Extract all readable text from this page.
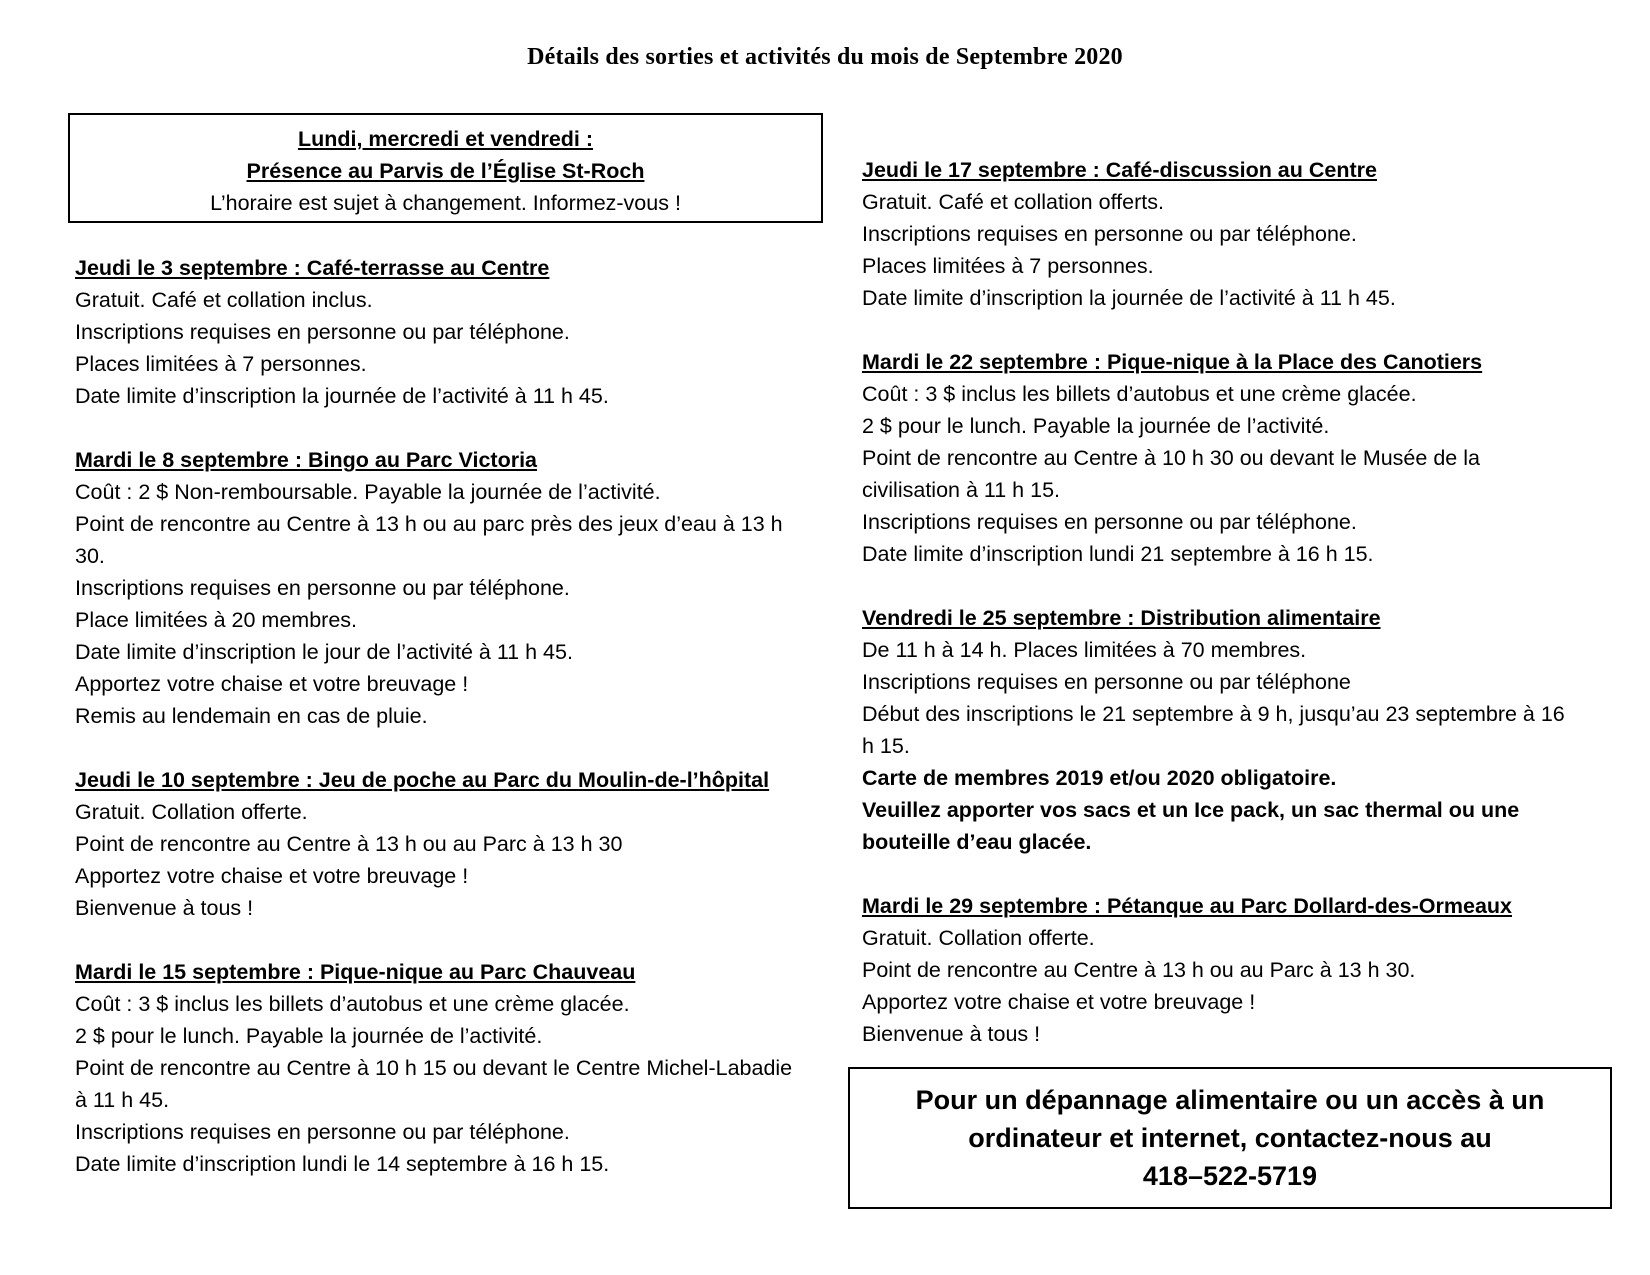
Détails des sorties et activités du mois de Septembre 2020
Lundi, mercredi et vendredi :
Présence au Parvis de l’Église St-Roch
L’horaire est sujet à changement. Informez-vous !
Jeudi le 3 septembre : Café-terrasse au Centre
Gratuit. Café et collation inclus.
Inscriptions requises en personne ou par téléphone.
Places limitées à 7 personnes.
Date limite d’inscription la journée de l’activité à 11 h 45.
Mardi le 8 septembre : Bingo au Parc Victoria
Coût : 2 $ Non-remboursable. Payable la journée de l’activité.
Point de rencontre au Centre à 13 h ou au parc près des jeux d’eau à 13 h 30.
Inscriptions requises en personne ou par téléphone.
Place limitées à 20 membres.
Date limite d’inscription le jour de l’activité à 11 h 45.
Apportez votre chaise et votre breuvage !
Remis au lendemain en cas de pluie.
Jeudi le 10 septembre : Jeu de poche au Parc du Moulin-de-l’hôpital
Gratuit. Collation offerte.
Point de rencontre au Centre à 13 h ou au Parc à 13 h 30
Apportez votre chaise et votre breuvage !
Bienvenue à tous !
Mardi le 15 septembre : Pique-nique au Parc Chauveau
Coût : 3 $ inclus les billets d’autobus et une crème glacée.
2 $ pour le lunch. Payable la journée de l’activité.
Point de rencontre au Centre à 10 h 15 ou devant le Centre Michel-Labadie à 11 h 45.
Inscriptions requises en personne ou par téléphone.
Date limite d’inscription lundi le 14 septembre à 16 h 15.
Jeudi le 17 septembre : Café-discussion au Centre
Gratuit. Café et collation offerts.
Inscriptions requises en personne ou par téléphone.
Places limitées à 7 personnes.
Date limite d’inscription la journée de l’activité à 11 h 45.
Mardi le 22 septembre : Pique-nique à la Place des Canotiers
Coût : 3 $ inclus les billets d’autobus et une crème glacée.
2 $ pour le lunch. Payable la journée de l’activité.
Point de rencontre au Centre à 10 h 30 ou devant le Musée de la civilisation à 11 h 15.
Inscriptions requises en personne ou par téléphone.
Date limite d’inscription lundi 21 septembre à 16 h 15.
Vendredi le 25 septembre : Distribution alimentaire
De 11 h à 14 h. Places limitées à 70 membres.
Inscriptions requises en personne ou par téléphone
Début des inscriptions le 21 septembre à 9 h, jusqu’au 23 septembre à 16 h 15.
Carte de membres 2019 et/ou 2020 obligatoire.
Veuillez apporter vos sacs et un Ice pack, un sac thermal ou une bouteille d’eau glacée.
Mardi le 29 septembre : Pétanque au Parc Dollard-des-Ormeaux
Gratuit. Collation offerte.
Point de rencontre au Centre à 13 h ou au Parc à 13 h 30.
Apportez votre chaise et votre breuvage !
Bienvenue à tous !
Pour un dépannage alimentaire ou un accès à un
ordinateur et internet, contactez-nous au
418–522-5719
